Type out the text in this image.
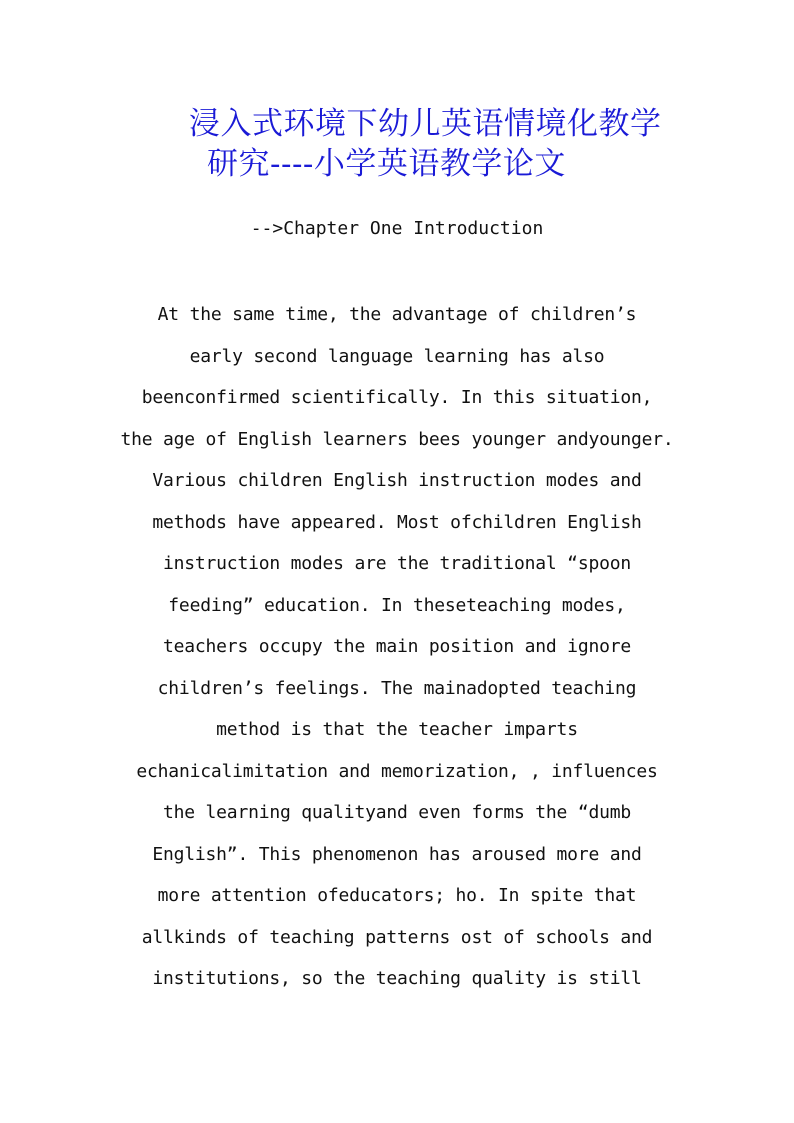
浸入式环境下幼儿英语情境化教学
研究----小学英语教学论文
-->Chapter One Introduction
At the same time, the advantage of children’s
early second language learning has also
beenconfirmed scientifically. In this situation,
the age of English learners bees younger andyounger.
Various children English instruction modes and
methods have appeared. Most ofchildren English
instruction modes are the traditional “spoon
feeding” education. In theseteaching modes,
teachers occupy the main position and ignore
children’s feelings. The mainadopted teaching
method is that the teacher imparts
echanicalimitation and memorization, , influences
the learning qualityand even forms the “dumb
English”. This phenomenon has aroused more and
more attention ofeducators; ho. In spite that
allkinds of teaching patterns ost of schools and
institutions, so the teaching quality is still
